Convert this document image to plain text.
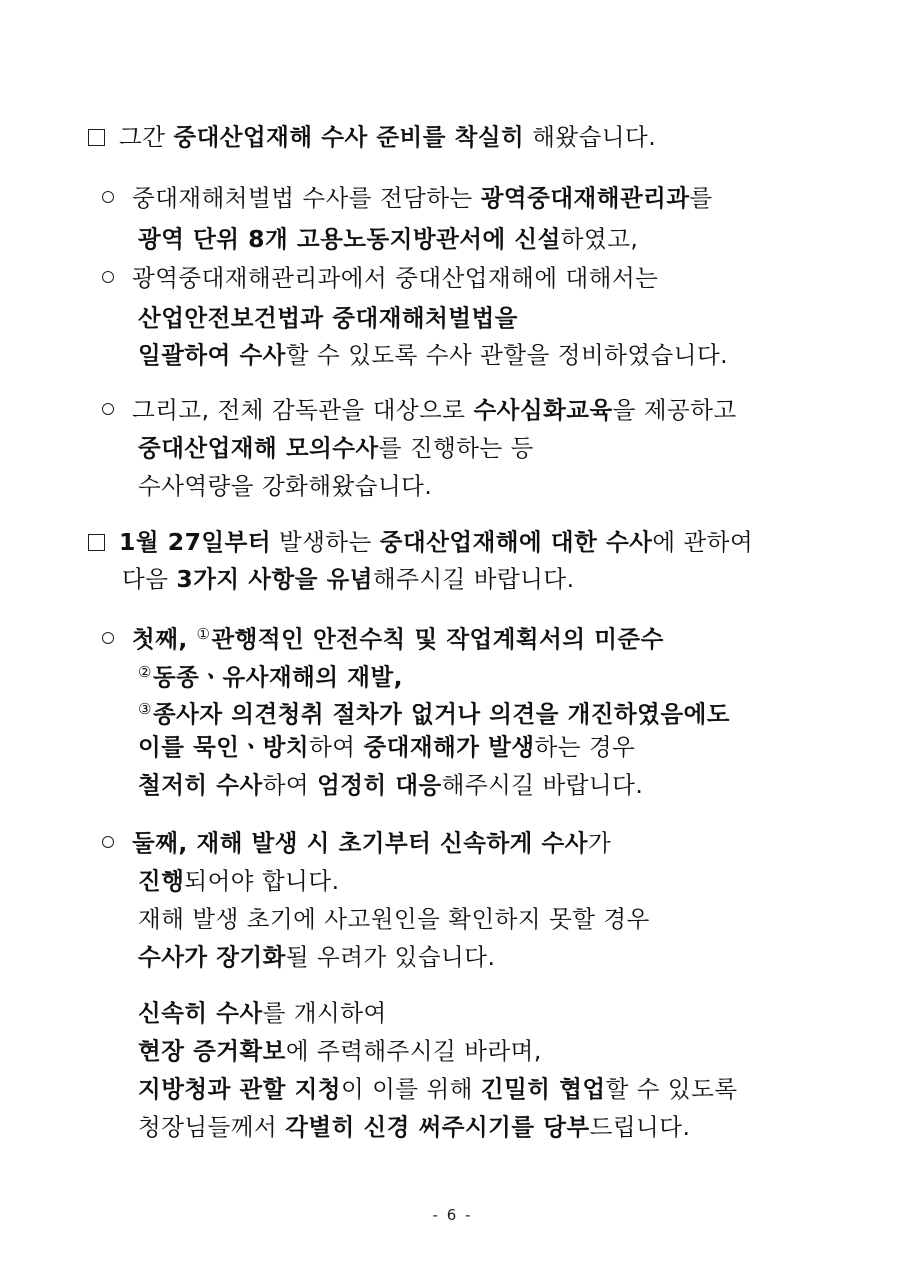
그간 중대산업재해 수사 준비를 착실히 해왔습니다.
중대재해처벌법 수사를 전담하는 광역중대재해관리과를
광역 단위 8개 고용노동지방관서에 신설하였고,
광역중대재해관리과에서 중대산업재해에 대해서는
산업안전보건법과 중대재해처벌법을
일괄하여 수사할 수 있도록 수사 관할을 정비하였습니다.
그리고, 전체 감독관을 대상으로 수사심화교육을 제공하고
중대산업재해 모의수사를 진행하는 등
수사역량을 강화해왔습니다.
1월 27일부터 발생하는 중대산업재해에 대한 수사에 관하여
다음 3가지 사항을 유념해주시길 바랍니다.
첫째, ①관행적인 안전수칙 및 작업계획서의 미준수
②동종ㆍ유사재해의 재발,
③종사자 의견청취 절차가 없거나 의견을 개진하였음에도
이를 묵인ㆍ방치하여 중대재해가 발생하는 경우
철저히 수사하여 엄정히 대응해주시길 바랍니다.
둘째, 재해 발생 시 초기부터 신속하게 수사가
진행되어야 합니다.
재해 발생 초기에 사고원인을 확인하지 못할 경우
수사가 장기화될 우려가 있습니다.
신속히 수사를 개시하여
현장 증거확보에 주력해주시길 바라며,
지방청과 관할 지청이 이를 위해 긴밀히 협업할 수 있도록
청장님들께서 각별히 신경 써주시기를 당부드립니다.
- 6 -
